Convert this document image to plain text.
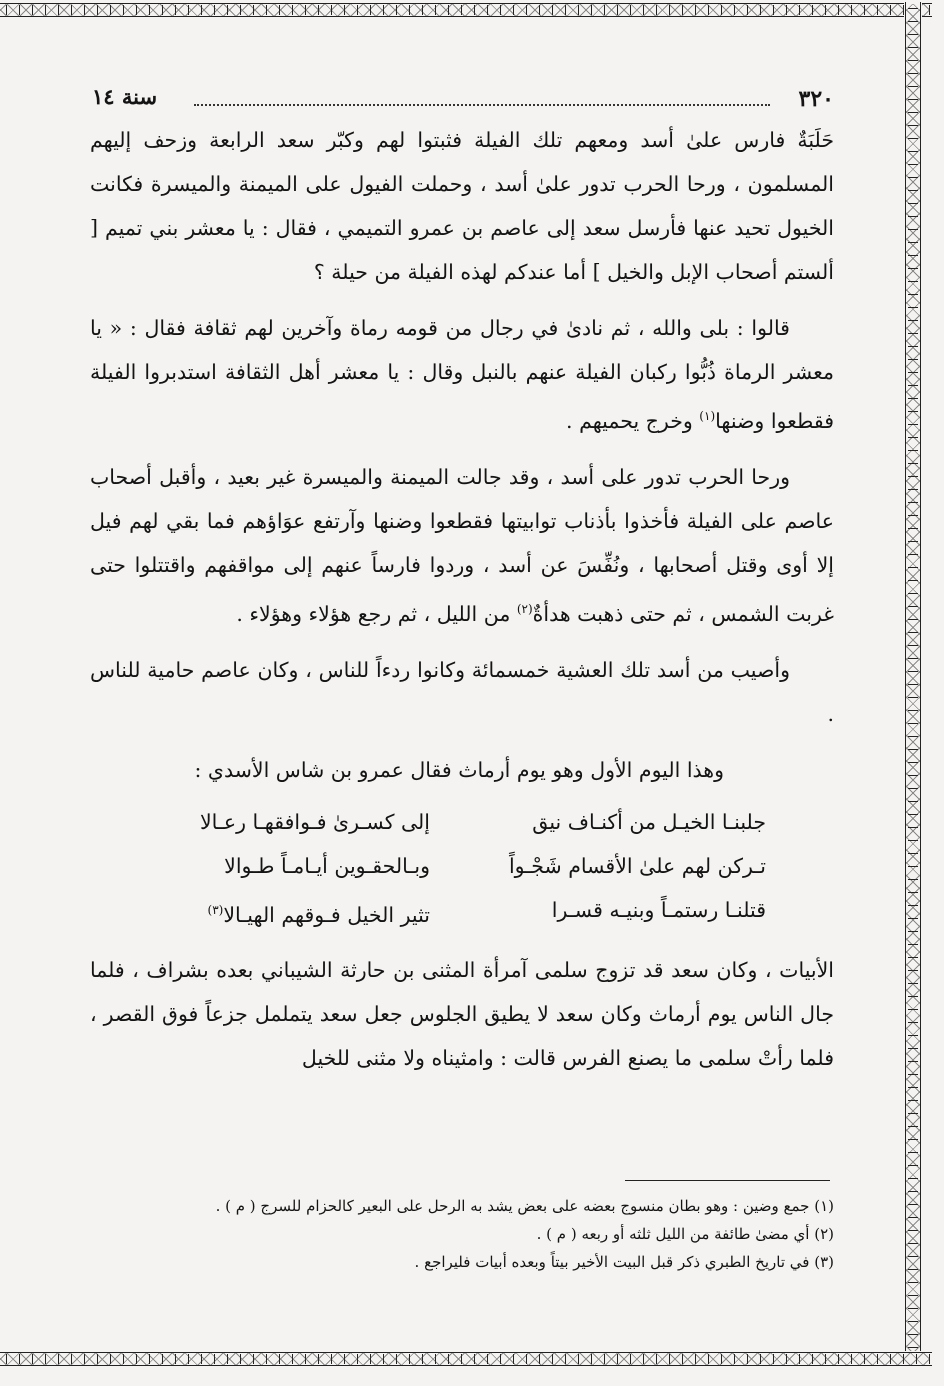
٣٢٠
سنة ١٤

حَلَبَةٌ فارس علىٰ أسد ومعهم تلك الفيلة فثبتوا لهم وكبّر سعد الرابعة وزحف إليهم المسلمون ، ورحا الحرب تدور علىٰ أسد ، وحملت الفيول على الميمنة والميسرة فكانت الخيول تحيد عنها فأرسل سعد إلى عاصم بن عمرو التميمي ، فقال : يا معشر بني تميم [ ألستم أصحاب الإبل والخيل ] أما عندكم لهذه الفيلة من حيلة ؟

قالوا : بلى والله ، ثم نادىٰ في رجال من قومه رماة وآخرين لهم ثقافة فقال : « يا معشر الرماة ذُبُّوا ركبان الفيلة عنهم بالنبل وقال : يا معشر أهل الثقافة استدبروا الفيلة فقطعوا وضنها$^{(١)}$ وخرج يحميهم .

ورحا الحرب تدور على أسد ، وقد جالت الميمنة والميسرة غير بعيد ، وأقبل أصحاب عاصم على الفيلة فأخذوا بأذناب توابيتها فقطعوا وضنها وآرتفع عوَاؤهم فما بقي لهم فيل إلا أوى وقتل أصحابها ، ونُفِّسَ عن أسد ، وردوا فارساً عنهم إلى مواقفهم واقتتلوا حتى غربت الشمس ، ثم حتى ذهبت هدأةٌ$^{(٢)}$ من الليل ، ثم رجع هؤلاء وهؤلاء .

وأصيب من أسد تلك العشية خمسمائة وكانوا ردءاً للناس ، وكان عاصم حامية للناس .

وهذا اليوم الأول وهو يوم أرماث فقال عمرو بن شاس الأسدي :

جلبنـا الخيـل من أكنـاف نيق
إلى كسـرىٰ فـوافقهـا رعـالا
تـركن لهم علىٰ الأقسام شَجْـواً
وبـالحقـوين أيـامـاً طـوالا
قتلنـا رستمـاً وبنيـه قسـرا
تثير الخيل فـوقهم الهيـالا$^{(٣)}$

الأبيات ، وكان سعد قد تزوج سلمى آمرأة المثنى بن حارثة الشيباني بعده بشراف ، فلما جال الناس يوم أرماث وكان سعد لا يطيق الجلوس جعل سعد يتململ جزعاً فوق القصر ، فلما رأتْ سلمى ما يصنع الفرس قالت : وامثيناه ولا مثنى للخيل

(١) جمع وضين : وهو بطان منسوج بعضه على بعض يشد به الرحل على البعير كالحزام للسرج ( م ) .

(٢) أي مضىٰ طائفة من الليل ثلثه أو ربعه ( م ) .

(٣) في تاريخ الطبري ذكر قبل البيت الأخير بيتاً وبعده أبيات فليراجع .
